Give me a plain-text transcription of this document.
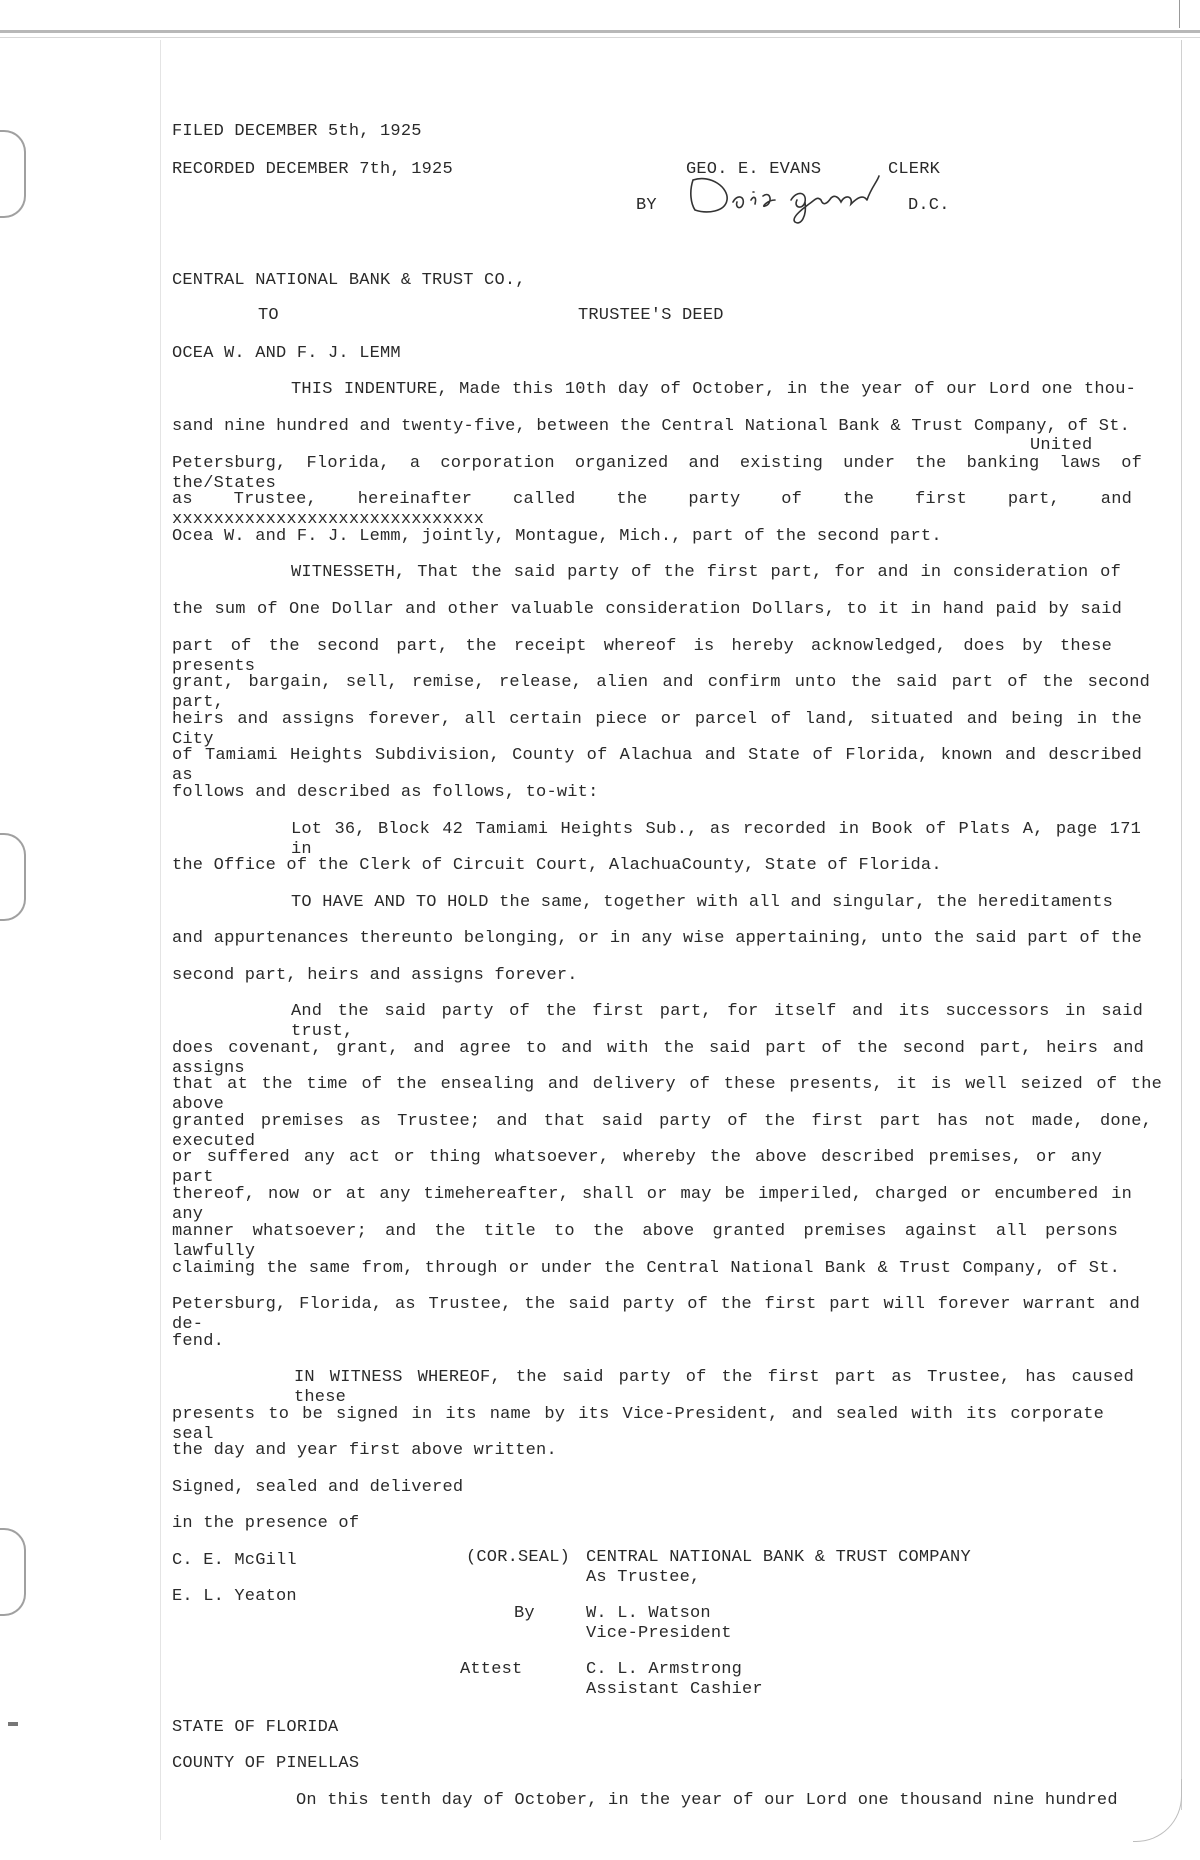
FILED DECEMBER 5th, 1925
RECORDED DECEMBER 7th, 1925	GEO. E. EVANS	CLERK
BY	D.C.
CENTRAL NATIONAL BANK & TRUST CO.,
TO	TRUSTEE'S DEED
OCEA W. AND F. J. LEMM
THIS INDENTURE, Made this 10th day of October, in the year of our Lord one thou-
sand nine hundred and twenty-five, between the Central National Bank & Trust Company, of St.
United
Petersburg, Florida, a corporation organized and existing under the banking laws of the/States
as Trustee, hereinafter called the party of the first part, and xxxxxxxxxxxxxxxxxxxxxxxxxxxxxx
Ocea W. and F. J. Lemm, jointly, Montague, Mich., part of the second part.
WITNESSETH, That the said party of the first part, for and in consideration of
the sum of One Dollar and other valuable consideration Dollars, to it in hand paid by said
part of the second part, the receipt whereof is hereby acknowledged, does by these presents
grant, bargain, sell, remise, release, alien and confirm unto the said part of the second part,
heirs and assigns forever, all certain piece or parcel of land, situated and being in the City
of Tamiami Heights Subdivision, County of Alachua and State of Florida, known and described as
follows and described as follows, to-wit:
Lot 36, Block 42 Tamiami Heights Sub., as recorded in Book of Plats A, page 171 in
the Office of the Clerk of Circuit Court, AlachuaCounty, State of Florida.
TO HAVE AND TO HOLD the same, together with all and singular, the hereditaments
and appurtenances thereunto belonging, or in any wise appertaining, unto the said part of the
second part, heirs and assigns forever.
And the said party of the first part, for itself and its successors in said trust,
does covenant, grant, and agree to and with the said part of the second part, heirs and assigns
that at the time of the ensealing and delivery of these presents, it is well seized of the above
granted premises as Trustee; and that said party of the first part has not made, done, executed
or suffered any act or thing whatsoever, whereby the above described premises, or any part
thereof, now or at any timehereafter, shall or may be imperiled, charged or encumbered in any
manner whatsoever; and the title to the above granted premises against all persons lawfully
claiming the same from, through or under the Central National Bank & Trust Company, of St.
Petersburg, Florida, as Trustee, the said party of the first part will forever warrant and de-
fend.
IN WITNESS WHEREOF, the said party of the first part as Trustee, has caused these
presents to be signed in its name by its Vice-President, and sealed with its corporate seal
the day and year first above written.
Signed, sealed and delivered
in the presence of
C. E. McGill
E. L. Yeaton
(COR.SEAL) CENTRAL NATIONAL BANK & TRUST COMPANY
As Trustee,
By	W. L. Watson
Vice-President
Attest	C. L. Armstrong
Assistant Cashier
STATE OF FLORIDA
COUNTY OF PINELLAS
On this tenth day of October, in the year of our Lord one thousand nine hundred
